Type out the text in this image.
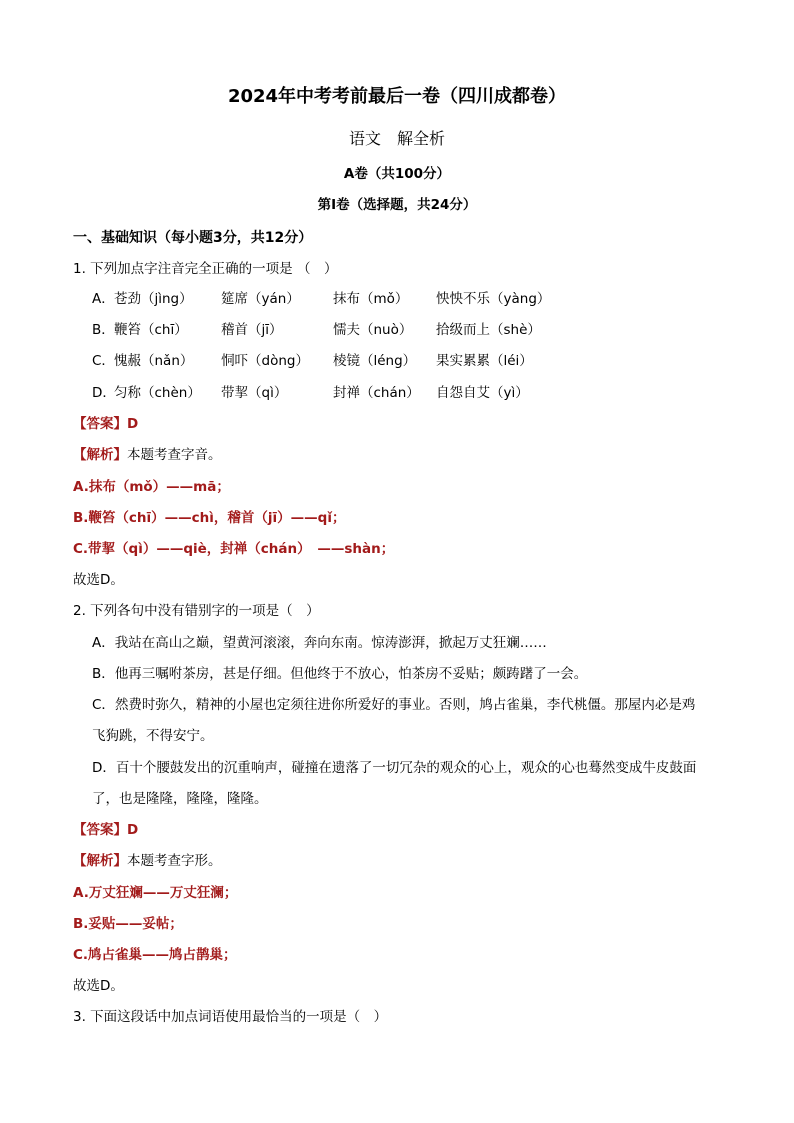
2024年中考考前最后一卷（四川成都卷）
语文　解全析
A卷（共100分）
第Ⅰ卷（选择题，共24分）
一、基础知识（每小题3分，共12分）
1. 下列加点字注音完全正确的一项是 （　）
A．苍劲（jìng） 筵席（yán） 抹布（mǒ） 怏怏不乐（yàng）
B．鞭笞（chī） 稽首（jī）	懦夫（nuò） 拾级而上（shè）
C．愧赧（nǎn） 恫吓（dòng） 棱镜（léng） 果实累累（léi）
D．匀称（chèn） 带挈（qì）	封禅（chán） 自怨自艾（yì）
【答案】D
【解析】本题考查字音。
A.抹布（mǒ）——mā；
B.鞭笞（chī）——chì，稽首（jī）——qǐ；
C.带挈（qì）——qiè，封禅（chán）　——shàn；
故选D。
2. 下列各句中没有错别字的一项是（　）
A．我站在高山之巅，望黄河滚滚，奔向东南。惊涛澎湃，掀起万丈狂斓……
B．他再三嘱咐茶房，甚是仔细。但他终于不放心，怕茶房不妥贴；颇踌躇了一会。
C．然费时弥久，精神的小屋也定须往进你所爱好的事业。否则，鸠占雀巢，李代桃僵。那屋内必是鸡
飞狗跳，不得安宁。
D．百十个腰鼓发出的沉重响声，碰撞在遗落了一切冗杂的观众的心上，观众的心也蓦然变成牛皮鼓面
了，也是隆隆，隆隆，隆隆。
【答案】D
【解析】本题考查字形。
A.万丈狂斓——万丈狂澜；
B.妥贴——妥帖；
C.鸠占雀巢——鸠占鹊巢；
故选D。
3. 下面这段话中加点词语使用最恰当的一项是（　）
